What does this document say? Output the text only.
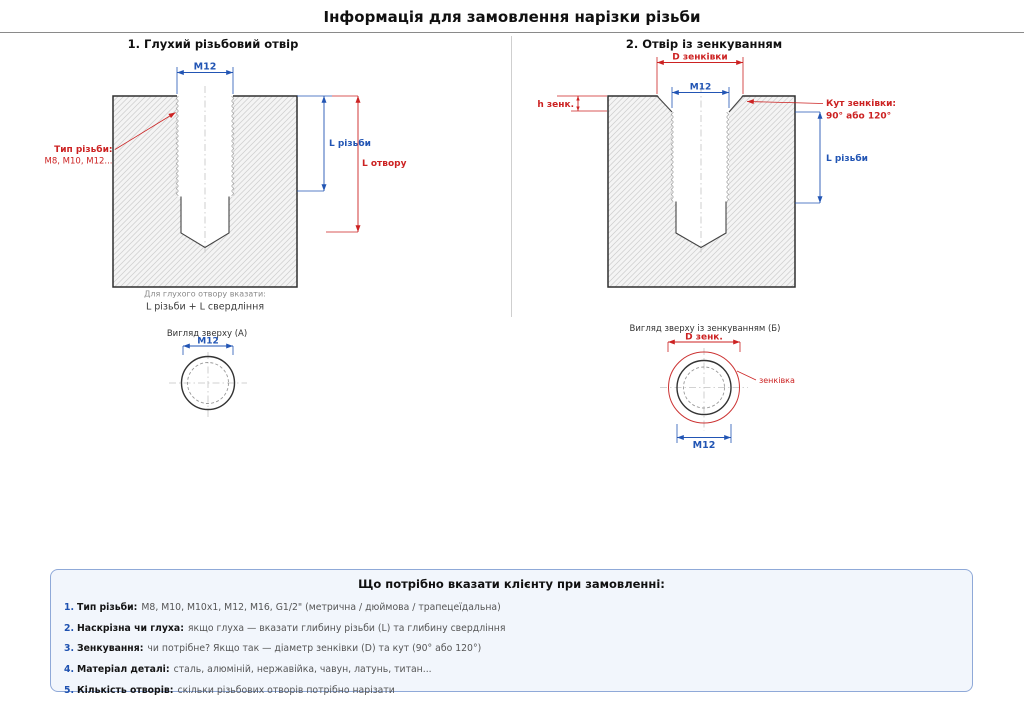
Інформація для замовлення нарізки різьби
1. Глухий різьбовий отвір	2. Отвір із зенкуванням
M12
Тип різьби:
M8, M10, M12...
L різьби
L отвору
Для глухого отвору вказати:
L різьби + L свердління
Вигляд зверху (А)
M12
D зенківки
M12
h зенк.	Кут зенківки:
90° або 120°
L різьби
Вигляд зверху із зенкуванням (Б)
D зенк.
зенківка
M12
Що потрібно вказати клієнту при замовленні:
1. Тип різьби: M8, M10, M10x1, M12, M16, G1/2" (метрична / дюймова / трапецеїдальна)
2. Наскрізна чи глуха: якщо глуха — вказати глибину різьби (L) та глибину свердління
3. Зенкування: чи потрібне? Якщо так — діаметр зенківки (D) та кут (90° або 120°)
4. Матеріал деталі: сталь, алюміній, нержавійка, чавун, латунь, титан...
5. Кількість отворів: скільки різьбових отворів потрібно нарізати
